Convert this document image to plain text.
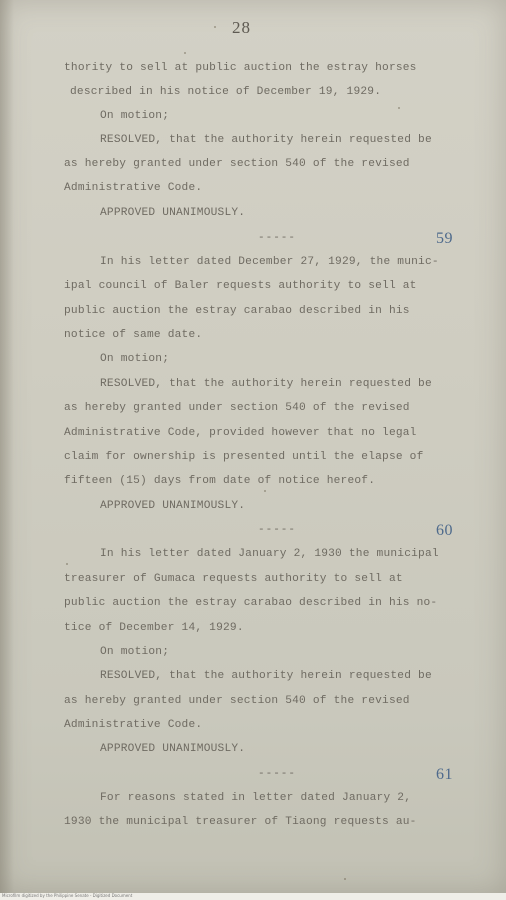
28
thority to sell at public auction the estray horses
described in his notice of December 19, 1929.
On motion;
RESOLVED, that the authority herein requested be
as hereby granted under section 540 of the revised
Administrative Code.
APPROVED UNANIMOUSLY.
-----	59
In his letter dated December 27, 1929, the munic-
ipal council of Baler requests authority to sell at
public auction the estray carabao described in his
notice of same date.
On motion;
RESOLVED, that the authority herein requested be
as hereby granted under section 540 of the revised
Administrative Code, provided however that no legal
claim for ownership is presented until the elapse of
fifteen (15) days from date of notice hereof.
APPROVED UNANIMOUSLY.
-----	60
In his letter dated January 2, 1930 the municipal
treasurer of Gumaca requests authority to sell at
public auction the estray carabao described in his no-
tice of December 14, 1929.
On motion;
RESOLVED, that the authority herein requested be
as hereby granted under section 540 of the revised
Administrative Code.
APPROVED UNANIMOUSLY.
-----	61
For reasons stated in letter dated January 2,
1930 the municipal treasurer of Tiaong requests au-
Microfilm digitized by the Philippine Senate - Digitized Document
